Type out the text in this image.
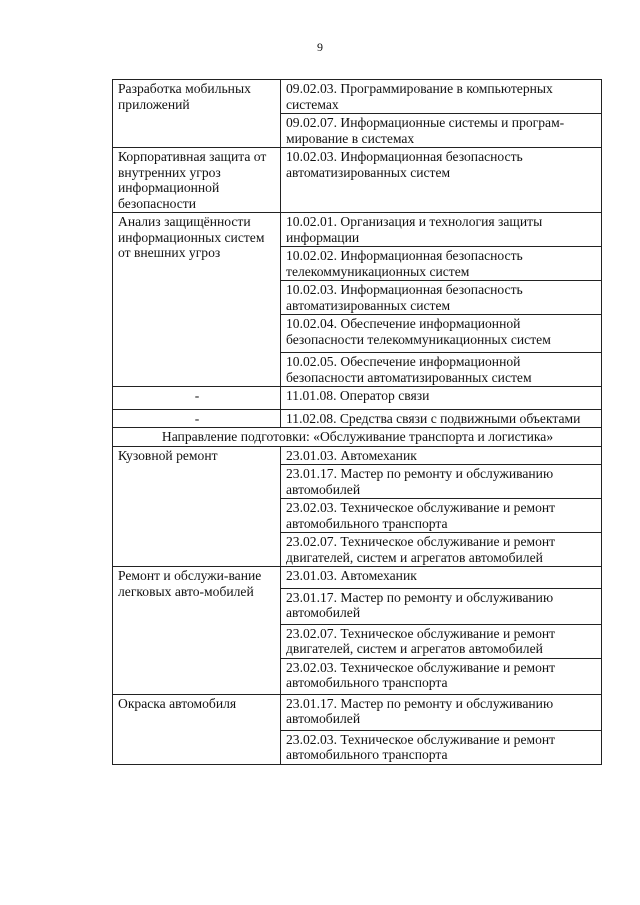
9
Разработка мобильных приложений	09.02.03. Программирование в компьютерных системах
	09.02.07. Информационные системы и програм-мирование в системах
Корпоративная защита от внутренних угроз информационной безопасности	10.02.03. Информационная безопасность автоматизированных систем
Анализ защищённости информационных систем от внешних угроз	10.02.01. Организация и технология защиты информации
	10.02.02. Информационная безопасность телекоммуникационных систем
	10.02.03. Информационная безопасность автоматизированных систем
	10.02.04. Обеспечение информационной безопасности телекоммуникационных систем
	10.02.05. Обеспечение информационной безопасности автоматизированных систем
-	11.01.08. Оператор связи
-	11.02.08. Средства связи с подвижными объектами
Направление подготовки: «Обслуживание транспорта и логистика»	
Кузовной ремонт	23.01.03. Автомеханик
	23.01.17. Мастер по ремонту и обслуживанию автомобилей
	23.02.03. Техническое обслуживание и ремонт автомобильного транспорта
	23.02.07. Техническое обслуживание и ремонт двигателей, систем и агрегатов автомобилей
Ремонт и обслужи-вание легковых авто-мобилей	23.01.03. Автомеханик
	23.01.17. Мастер по ремонту и обслуживанию автомобилей
	23.02.07. Техническое обслуживание и ремонт двигателей, систем и агрегатов автомобилей
	23.02.03. Техническое обслуживание и ремонт автомобильного транспорта
Окраска автомобиля	23.01.17. Мастер по ремонту и обслуживанию автомобилей
	23.02.03. Техническое обслуживание и ремонт автомобильного транспорта
